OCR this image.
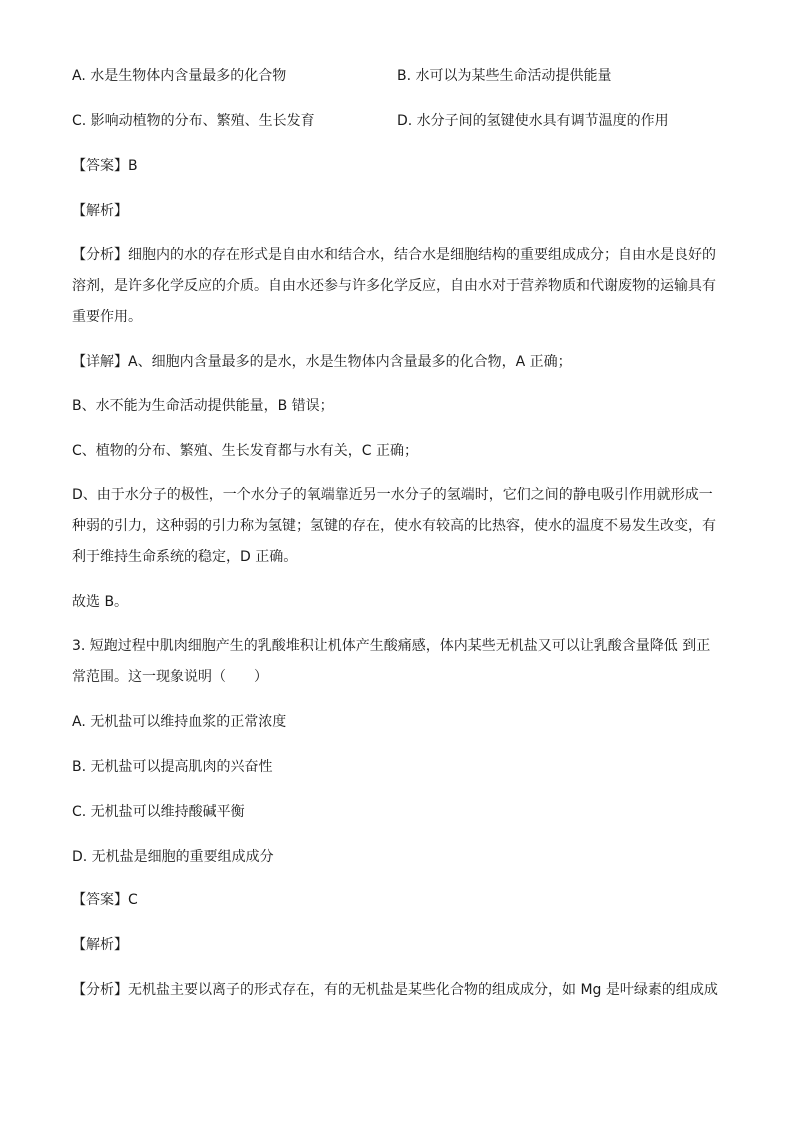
A. 水是生物体内含量最多的化合物	B. 水可以为某些生命活动提供能量
C. 影响动植物的分布、繁殖、生长发育	D. 水分子间的氢键使水具有调节温度的作用
【答案】B
【解析】
【分析】细胞内的水的存在形式是自由水和结合水，结合水是细胞结构的重要组成成分；自由水是良好的
溶剂，是许多化学反应的介质。自由水还参与许多化学反应，自由水对于营养物质和代谢废物的运输具有
重要作用。
【详解】A、细胞内含量最多的是水，水是生物体内含量最多的化合物，A 正确；
B、水不能为生命活动提供能量，B 错误；
C、植物的分布、繁殖、生长发育都与水有关，C 正确；
D、由于水分子的极性，一个水分子的氧端靠近另一水分子的氢端时，它们之间的静电吸引作用就形成一
种弱的引力，这种弱的引力称为氢键；氢键的存在，使水有较高的比热容，使水的温度不易发生改变，有
利于维持生命系统的稳定，D 正确。
故选 B。
3. 短跑过程中肌肉细胞产生的乳酸堆积让机体产生酸痛感，体内某些无机盐又可以让乳酸含量降低 到正
常范围。这一现象说明（　　）
A. 无机盐可以维持血浆的正常浓度
B. 无机盐可以提高肌肉的兴奋性
C. 无机盐可以维持酸碱平衡
D. 无机盐是细胞的重要组成成分
【答案】C
【解析】
【分析】无机盐主要以离子的形式存在，有的无机盐是某些化合物的组成成分，如 Mg 是叶绿素的组成成
